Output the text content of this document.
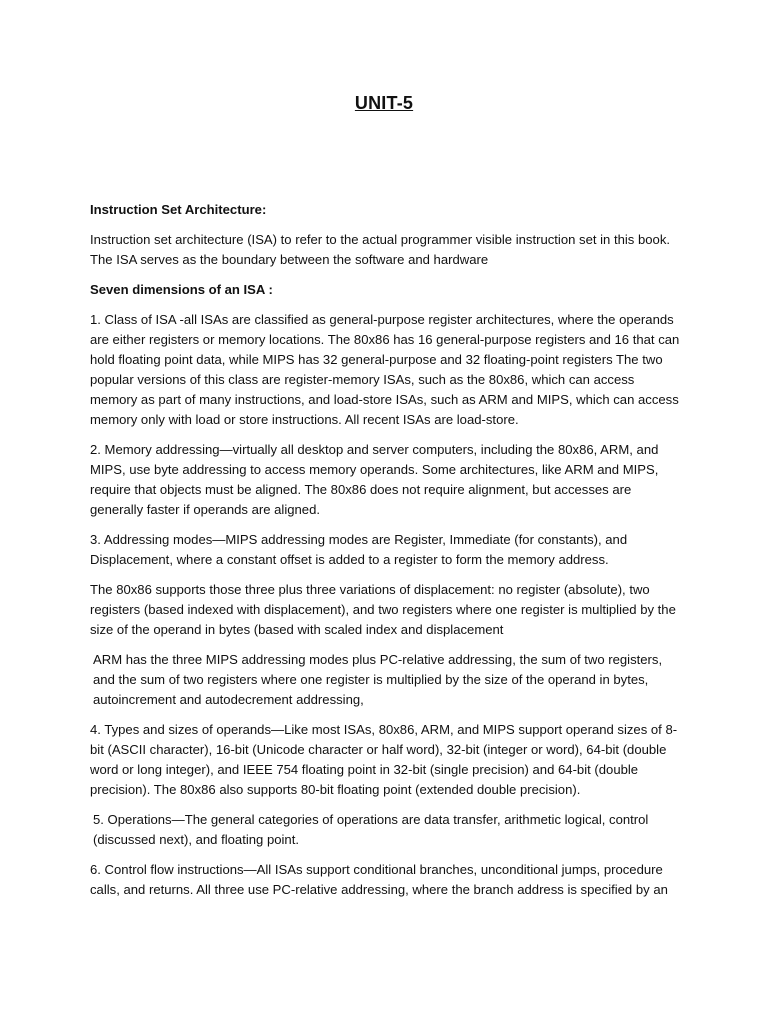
UNIT-5

Instruction Set Architecture:

Instruction set architecture (ISA) to refer to the actual programmer visible instruction set in this book. The ISA serves as the boundary between the software and hardware

Seven dimensions of an ISA :

1. Class of ISA -all ISAs are classified as general-purpose register architectures, where the operands are either registers or memory locations. The 80x86 has 16 general-purpose registers and 16 that can hold floating point data, while MIPS has 32 general-purpose and 32 floating-point registers The two popular versions of this class are register-memory ISAs, such as the 80x86, which can access memory as part of many instructions, and load-store ISAs, such as ARM and MIPS, which can access memory only with load or store instructions. All recent ISAs are load-store.

2. Memory addressing—virtually all desktop and server computers, including the 80x86, ARM, and MIPS, use byte addressing to access memory operands. Some architectures, like ARM and MIPS, require that objects must be aligned. The 80x86 does not require alignment, but accesses are generally faster if operands are aligned.

3. Addressing modes—MIPS addressing modes are Register, Immediate (for constants), and Displacement, where a constant offset is added to a register to form the memory address.

The 80x86 supports those three plus three variations of displacement: no register (absolute), two registers (based indexed with displacement), and two registers where one register is multiplied by the size of the operand in bytes (based with scaled index and displacement

ARM has the three MIPS addressing modes plus PC-relative addressing, the sum of two registers, and the sum of two registers where one register is multiplied by the size of the operand in bytes, autoincrement and autodecrement addressing,

4. Types and sizes of operands—Like most ISAs, 80x86, ARM, and MIPS support operand sizes of 8-bit (ASCII character), 16-bit (Unicode character or half word), 32-bit (integer or word), 64-bit (double word or long integer), and IEEE 754 floating point in 32-bit (single precision) and 64-bit (double precision). The 80x86 also supports 80-bit floating point (extended double precision).

5. Operations—The general categories of operations are data transfer, arithmetic logical, control (discussed next), and floating point.

6. Control flow instructions—All ISAs support conditional branches, unconditional jumps, procedure calls, and returns. All three use PC-relative addressing, where the branch address is specified by an
